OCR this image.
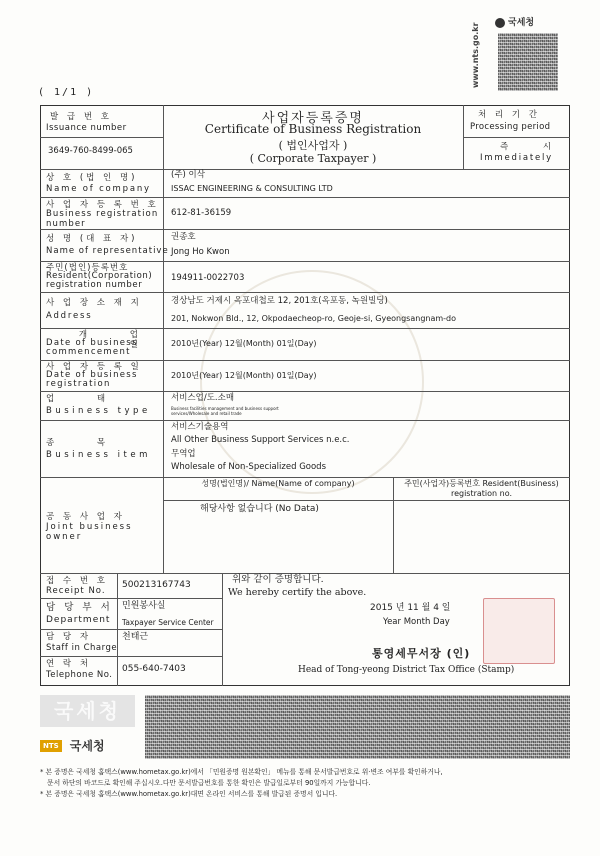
www.nts.go.kr	국세청
( 1/1 )
발 급 번 호
Issuance number
3649-760-8499-065
사업자등록증명
Certificate of Business Registration
( 법인사업자 )
( Corporate Taxpayer )
처 리 기 간
Processing period
즉 시
Immediately
상 호 (법 인 명)
Name of company
(주) 이삭
ISSAC ENGINEERING & CONSULTING LTD
사 업 자 등 록 번 호
Business registration number
612-81-36159
성 명 (대 표 자)
Name of representative
권종호
Jong Ho Kwon
주민(법인)등록번호
Resident(Corporation) registration number
194911-0022703
사 업 장 소 재 지
Address
경상남도 거제시 옥포대첩로 12, 201호(옥포동, 녹원빌딩)
201, Nokwon Bld., 12, Okpodaecheop-ro, Geoje-si, Gyeongsangnam-do
개 업 일
Date of business commencement
2010년(Year) 12월(Month) 01일(Day)
사 업 자 등 록 일
Date of business registration
2010년(Year) 12월(Month) 01일(Day)
업 태
Business type
서비스업/도.소매
Business facilities management and business support services/Wholesale and retail trade
종 목
Business item
서비스기술용역
All Other Business Support Services n.e.c.
무역업
Wholesale of Non-Specialized Goods
공 동 사 업 자
Joint business owner
성명(법인명)/ Name(Name of company)	주민(사업자)등록번호 Resident(Business) registration no.
해당사항 없습니다 (No Data)
접 수 번 호
Receipt No.
500213167743
담 당 부 서
Department
민원봉사실
Taxpayer Service Center
담 당 자
Staff in Charge
천태근
연 락 처
Telephone No.
055-640-7403
위와 같이 증명합니다.
We hereby certify the above.
2015 년 11 월 4 일
Year Month Day
통영세무서장 (인)
Head of Tong-yeong District Tax Office (Stamp)
국세청
NTS 국세청
* 본 증명은 국세청 홈택스(www.hometax.go.kr)에서 「민원증명 원본확인」 메뉴를 통해 문서발급번호로 위·변조 여부를 확인하거나,
문서 하단의 바코드로 확인해 주십시오.다만 문서발급번호를 통한 확인은 발급일로부터 90일까지 가능합니다.
* 본 증명은 국세청 홈택스(www.hometax.go.kr)대면 온라인 서비스를 통해 발급된 증명서 입니다.
